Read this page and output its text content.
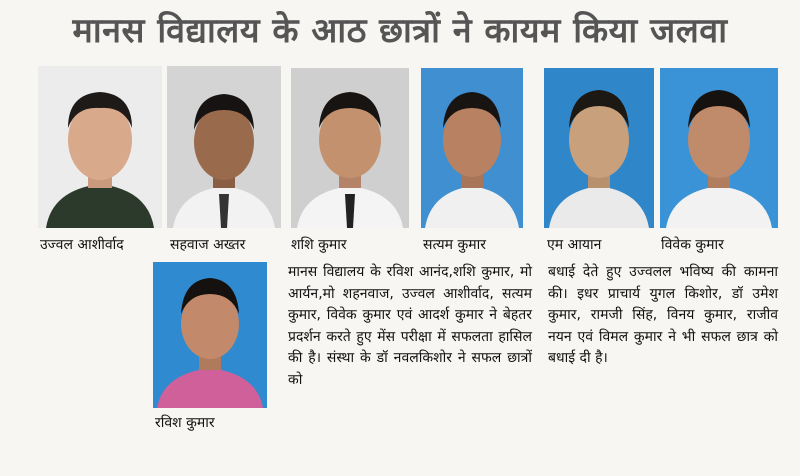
मानस विद्यालय के आठ छात्रों ने कायम किया जलवा
उज्वल आशीर्वाद	सहवाज अख्तर	शशि कुमार	सत्यम कुमार	एम आयान	विवेक कुमार
रविश कुमार

मानस विद्यालय के रविश आनंद,शशि कुमार, मो आर्यन,मो शहनवाज, उज्वल आशीर्वाद, सत्यम कुमार, विवेक कुमार एवं आदर्श कुमार ने बेहतर प्रदर्शन करते हुए मेंस परीक्षा में सफलता हासिल की है। संस्था के डॉ नवलकिशोर ने सफल छात्रों को

बधाई देते हुए उज्वलल भविष्य की कामना की। इधर प्राचार्य युगल किशोर, डॉ उमेश कुमार, रामजी सिंह, विनय कुमार, राजीव नयन एवं विमल कुमार ने भी सफल छात्र को बधाई दी है।
